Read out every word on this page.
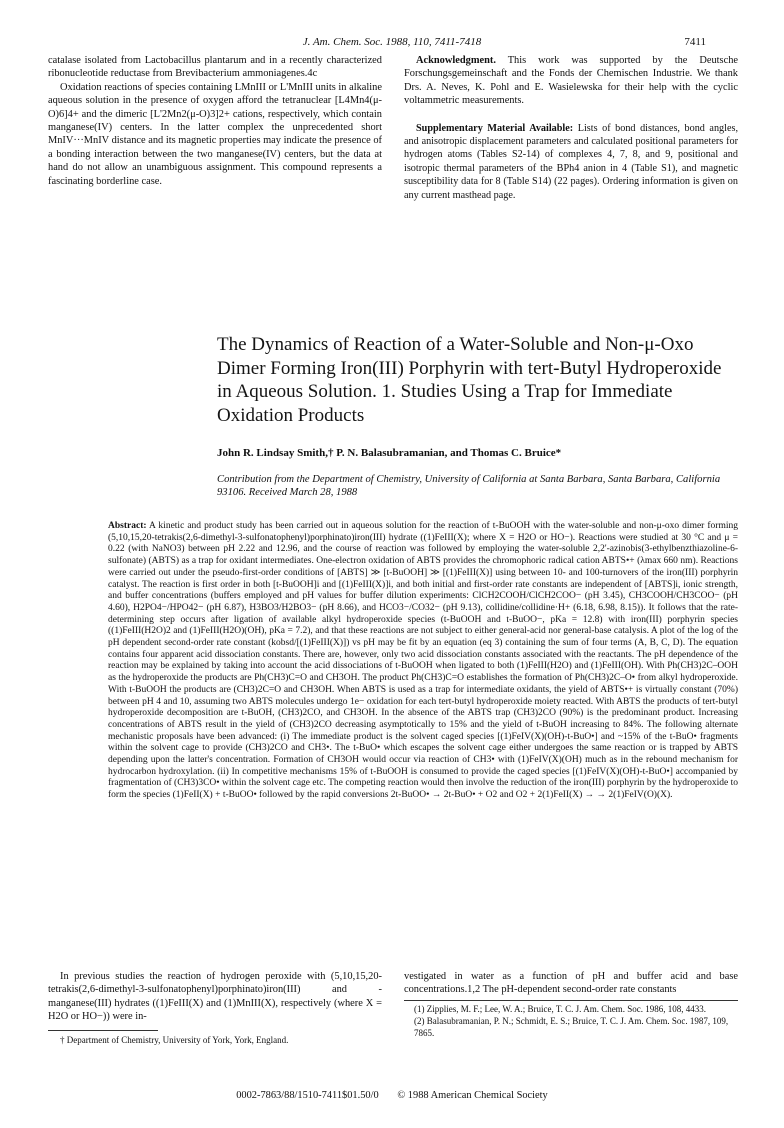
J. Am. Chem. Soc. 1988, 110, 7411-7418	7411

catalase isolated from Lactobacillus plantarum and in a recently characterized ribonucleotide reductase from Brevibacterium ammoniagenes.4c

Oxidation reactions of species containing LMnIII or L'MnIII units in alkaline aqueous solution in the presence of oxygen afford the tetranuclear [L4Mn4(μ-O)6]4+ and the dimeric [L'2Mn2(μ-O)3]2+ cations, respectively, which contain manganese(IV) centers. In the latter complex the unprecedented short MnIV···MnIV distance and its magnetic properties may indicate the presence of a bonding interaction between the two manganese(IV) centers, but the data at hand do not allow an unambiguous assignment. This compound represents a fascinating borderline case.

Acknowledgment. This work was supported by the Deutsche Forschungsgemeinschaft and the Fonds der Chemischen Industrie. We thank Drs. A. Neves, K. Pohl and E. Wasielewska for their help with the cyclic voltammetric measurements.

Supplementary Material Available: Lists of bond distances, bond angles, and anisotropic displacement parameters and calculated positional parameters for hydrogen atoms (Tables S2-14) of complexes 4, 7, 8, and 9, positional and isotropic thermal parameters of the BPh4 anion in 4 (Table S1), and magnetic susceptibility data for 8 (Table S14) (22 pages). Ordering information is given on any current masthead page.

The Dynamics of Reaction of a Water-Soluble and Non-μ-Oxo Dimer Forming Iron(III) Porphyrin with tert-Butyl Hydroperoxide in Aqueous Solution. 1. Studies Using a Trap for Immediate Oxidation Products
John R. Lindsay Smith,† P. N. Balasubramanian, and Thomas C. Bruice*
Contribution from the Department of Chemistry, University of California at Santa Barbara, Santa Barbara, California 93106. Received March 28, 1988
Abstract: A kinetic and product study has been carried out in aqueous solution for the reaction of t-BuOOH with the water-soluble and non-μ-oxo dimer forming (5,10,15,20-tetrakis(2,6-dimethyl-3-sulfonatophenyl)porphinato)iron(III) hydrate ((1)FeIII(X); where X = H2O or HO−). Reactions were studied at 30 °C and μ = 0.22 (with NaNO3) between pH 2.22 and 12.96, and the course of reaction was followed by employing the water-soluble 2,2'-azinobis(3-ethylbenzthiazoline-6-sulfonate) (ABTS) as a trap for oxidant intermediates. One-electron oxidation of ABTS provides the chromophoric radical cation ABTS•+ (λmax 660 nm). Reactions were carried out under the pseudo-first-order conditions of [ABTS] ≫ [t-BuOOH] ≫ [(1)FeIII(X)] using between 10- and 100-turnovers of the iron(III) porphyrin catalyst. The reaction is first order in both [t-BuOOH]i and [(1)FeIII(X)]i, and both initial and first-order rate constants are independent of [ABTS]i, ionic strength, and buffer concentrations (buffers employed and pH values for buffer dilution experiments: ClCH2COOH/ClCH2COO− (pH 3.45), CH3COOH/CH3COO− (pH 4.60), H2PO4−/HPO42− (pH 6.87), H3BO3/H2BO3− (pH 8.66), and HCO3−/CO32− (pH 9.13), collidine/collidine·H+ (6.18, 6.98, 8.15)). It follows that the rate-determining step occurs after ligation of available alkyl hydroperoxide species (t-BuOOH and t-BuOO−, pKa = 12.8) with iron(III) porphyrin species ((1)FeIII(H2O)2 and (1)FeIII(H2O)(OH), pKa = 7.2), and that these reactions are not subject to either general-acid nor general-base catalysis. A plot of the log of the pH dependent second-order rate constant (kobsd/[(1)FeIII(X)]) vs pH may be fit by an equation (eq 3) containing the sum of four terms (A, B, C, D). The equation contains four apparent acid dissociation constants. There are, however, only two acid dissociation constants associated with the reactants. The pH dependence of the reaction may be explained by taking into account the acid dissociations of t-BuOOH when ligated to both (1)FeIII(H2O) and (1)FeIII(OH). With Ph(CH3)2C–OOH as the hydroperoxide the products are Ph(CH3)C=O and CH3OH. The product Ph(CH3)C=O establishes the formation of Ph(CH3)2C–O• from alkyl hydroperoxide. With t-BuOOH the products are (CH3)2C=O and CH3OH. When ABTS is used as a trap for intermediate oxidants, the yield of ABTS•+ is virtually constant (70%) between pH 4 and 10, assuming two ABTS molecules undergo 1e− oxidation for each tert-butyl hydroperoxide moiety reacted. With ABTS the products of tert-butyl hydroperoxide decomposition are t-BuOH, (CH3)2CO, and CH3OH. In the absence of the ABTS trap (CH3)2CO (90%) is the predominant product. Increasing concentrations of ABTS result in the yield of (CH3)2CO decreasing asymptotically to 15% and the yield of t-BuOH increasing to 84%. The following alternate mechanistic proposals have been advanced: (i) The immediate product is the solvent caged species [(1)FeIV(X)(OH)-t-BuO•] and ~15% of the t-BuO• fragments within the solvent cage to provide (CH3)2CO and CH3•. The t-BuO• which escapes the solvent cage either undergoes the same reaction or is trapped by ABTS depending upon the latter's concentration. Formation of CH3OH would occur via reaction of CH3• with (1)FeIV(X)(OH) much as in the rebound mechanism for hydrocarbon hydroxylation. (ii) In competitive mechanisms 15% of t-BuOOH is consumed to provide the caged species [(1)FeIV(X)(OH)-t-BuO•] accompanied by fragmentation of (CH3)3CO• within the solvent cage etc. The competing reaction would then involve the reduction of the iron(III) porphyrin by the hydroperoxide to form the species (1)FeII(X) + t-BuOO• followed by the rapid conversions 2t-BuOO• → 2t-BuO• + O2 and O2 + 2(1)FeII(X) → → 2(1)FeIV(O)(X).

In previous studies the reaction of hydrogen peroxide with (5,10,15,20-tetrakis(2,6-dimethyl-3-sulfonatophenyl)porphinato)iron(III) and -manganese(III) hydrates ((1)FeIII(X) and (1)MnIII(X), respectively (where X = H2O or HO−)) were in-

vestigated in water as a function of pH and buffer acid and base concentrations.1,2 The pH-dependent second-order rate constants

† Department of Chemistry, University of York, York, England.

(1) Zipplies, M. F.; Lee, W. A.; Bruice, T. C. J. Am. Chem. Soc. 1986, 108, 4433.

(2) Balasubramanian, P. N.; Schmidt, E. S.; Bruice, T. C. J. Am. Chem. Soc. 1987, 109, 7865.

0002-7863/88/1510-7411$01.50/0 © 1988 American Chemical Society
